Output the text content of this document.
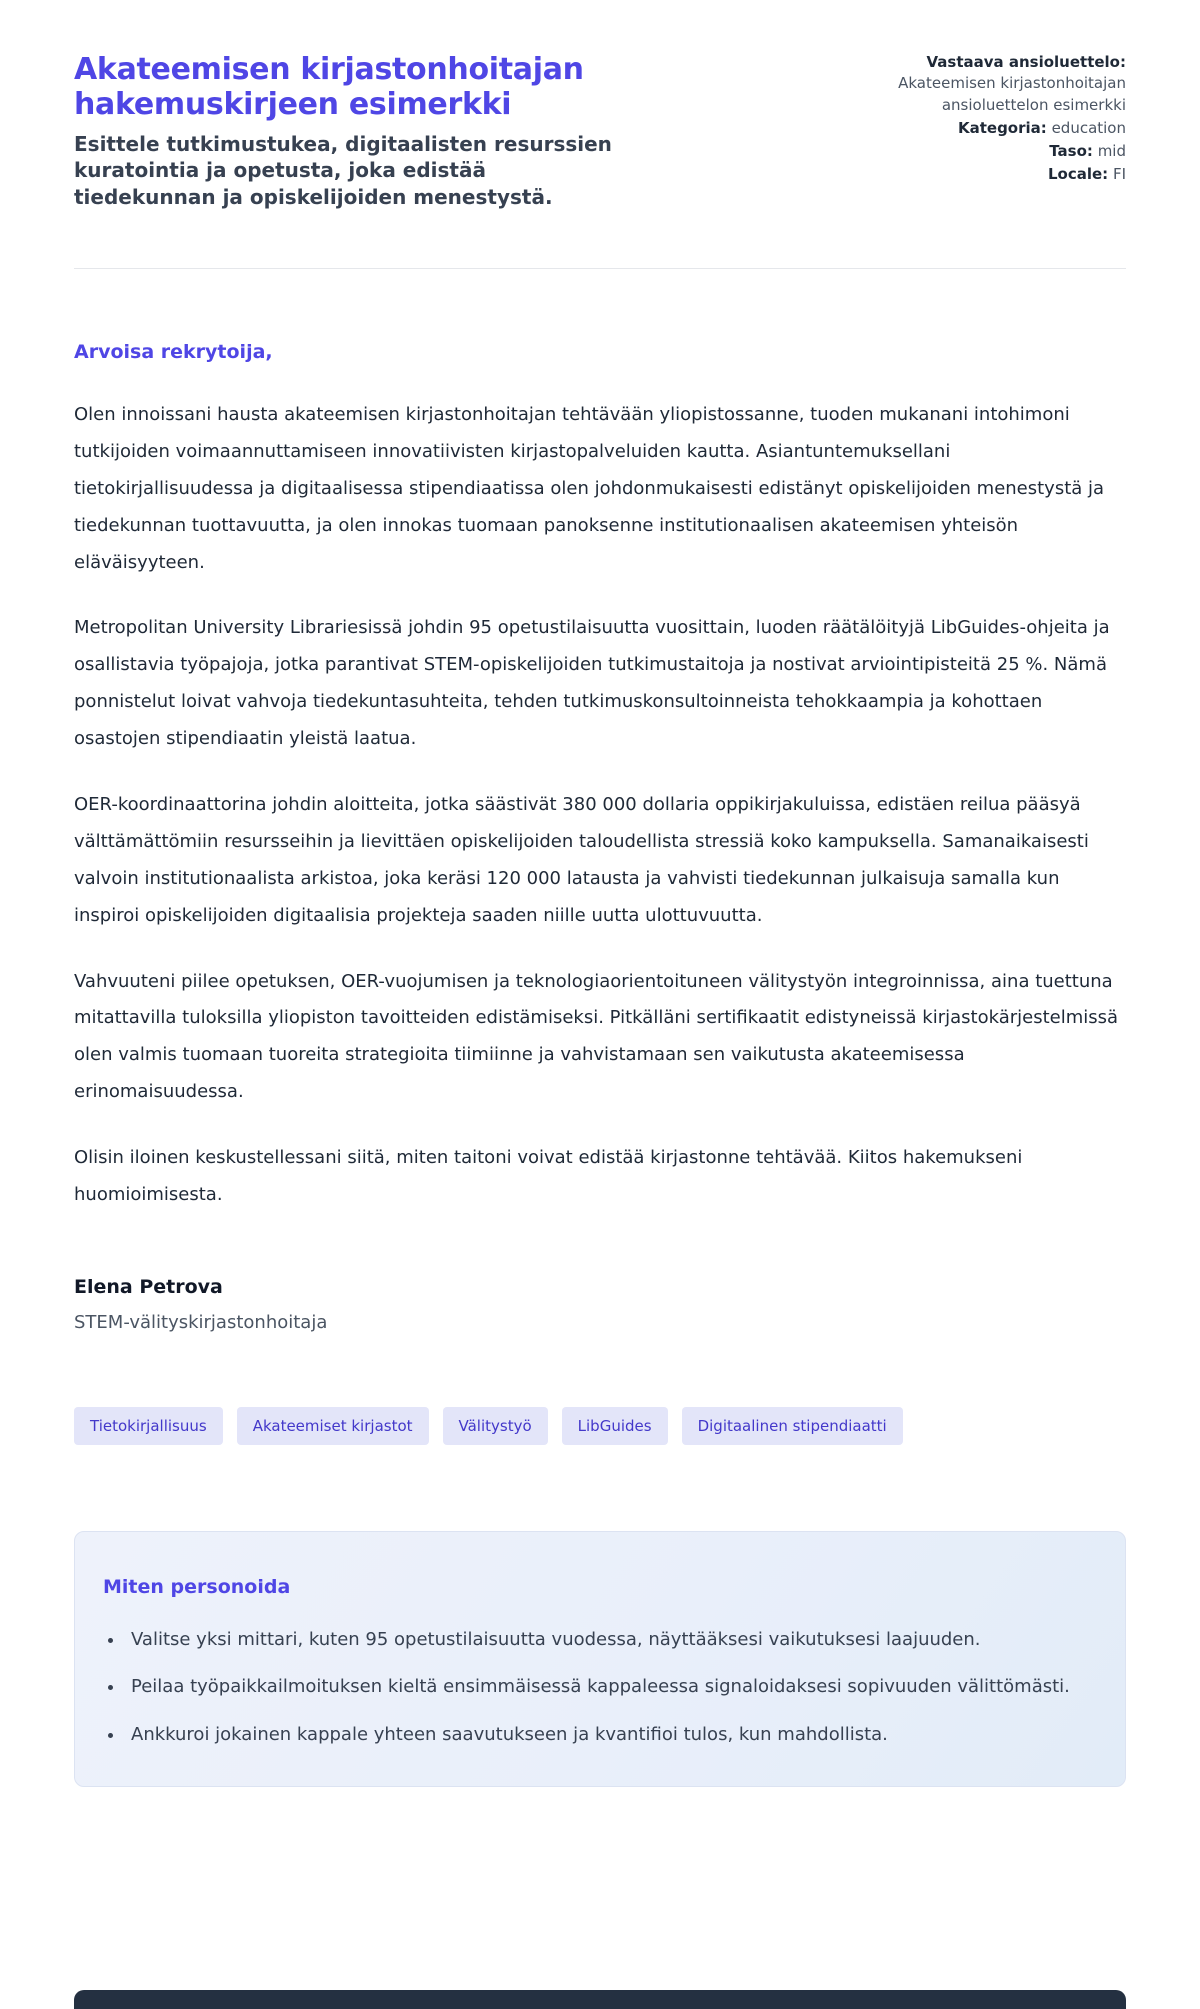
Akateemisen kirjastonhoitajan hakemuskirjeen esimerkki
Esittele tutkimustukea, digitaalisten resurssien kuratointia ja opetusta, joka edistää tiedekunnan ja opiskelijoiden menestystä.
Vastaava ansioluettelo: Akateemisen kirjastonhoitajan ansioluettelon esimerkki
Kategoria: education
Taso: mid
Locale: FI

Arvoisa rekrytoija,

Olen innoissani hausta akateemisen kirjastonhoitajan tehtävään yliopistossanne, tuoden mukanani intohimoni tutkijoiden voimaannuttamiseen innovatiivisten kirjastopalveluiden kautta. Asiantuntemuksellani tietokirjallisuudessa ja digitaalisessa stipendiaatissa olen johdonmukaisesti edistänyt opiskelijoiden menestystä ja tiedekunnan tuottavuutta, ja olen innokas tuomaan panoksenne institutionaalisen akateemisen yhteisön eläväisyyteen.

Metropolitan University Librariesissä johdin 95 opetustilaisuutta vuosittain, luoden räätälöityjä LibGuides-ohjeita ja osallistavia työpajoja, jotka parantivat STEM-opiskelijoiden tutkimustaitoja ja nostivat arviointipisteitä 25 %. Nämä ponnistelut loivat vahvoja tiedekuntasuhteita, tehden tutkimuskonsultoinneista tehokkaampia ja kohottaen osastojen stipendiaatin yleistä laatua.

OER-koordinaattorina johdin aloitteita, jotka säästivät 380 000 dollaria oppikirjakuluissa, edistäen reilua pääsyä välttämättömiin resursseihin ja lievittäen opiskelijoiden taloudellista stressiä koko kampuksella. Samanaikaisesti valvoin institutionaalista arkistoa, joka keräsi 120 000 latausta ja vahvisti tiedekunnan julkaisuja samalla kun inspiroi opiskelijoiden digitaalisia projekteja saaden niille uutta ulottuvuutta.

Vahvuuteni piilee opetuksen, OER-vuojumisen ja teknologiaorientoituneen välitystyön integroinnissa, aina tuettuna mitattavilla tuloksilla yliopiston tavoitteiden edistämiseksi. Pitkälläni sertifikaatit edistyneissä kirjastokärjestelmissä olen valmis tuomaan tuoreita strategioita tiimiinne ja vahvistamaan sen vaikutusta akateemisessa erinomaisuudessa.

Olisin iloinen keskustellessani siitä, miten taitoni voivat edistää kirjastonne tehtävää. Kiitos hakemukseni huomioimisesta.

Elena Petrova
STEM-välityskirjastonhoitaja
Tietokirjallisuus	Akateemiset kirjastot	Välitystyö	LibGuides	Digitaalinen stipendiaatti
Miten personoida
• Valitse yksi mittari, kuten 95 opetustilaisuutta vuodessa, näyttääksesi vaikutuksesi laajuuden.
• Peilaa työpaikkailmoituksen kieltä ensimmäisessä kappaleessa signaloidaksesi sopivuuden välittömästi.
• Ankkuroi jokainen kappale yhteen saavutukseen ja kvantifioi tulos, kun mahdollista.
